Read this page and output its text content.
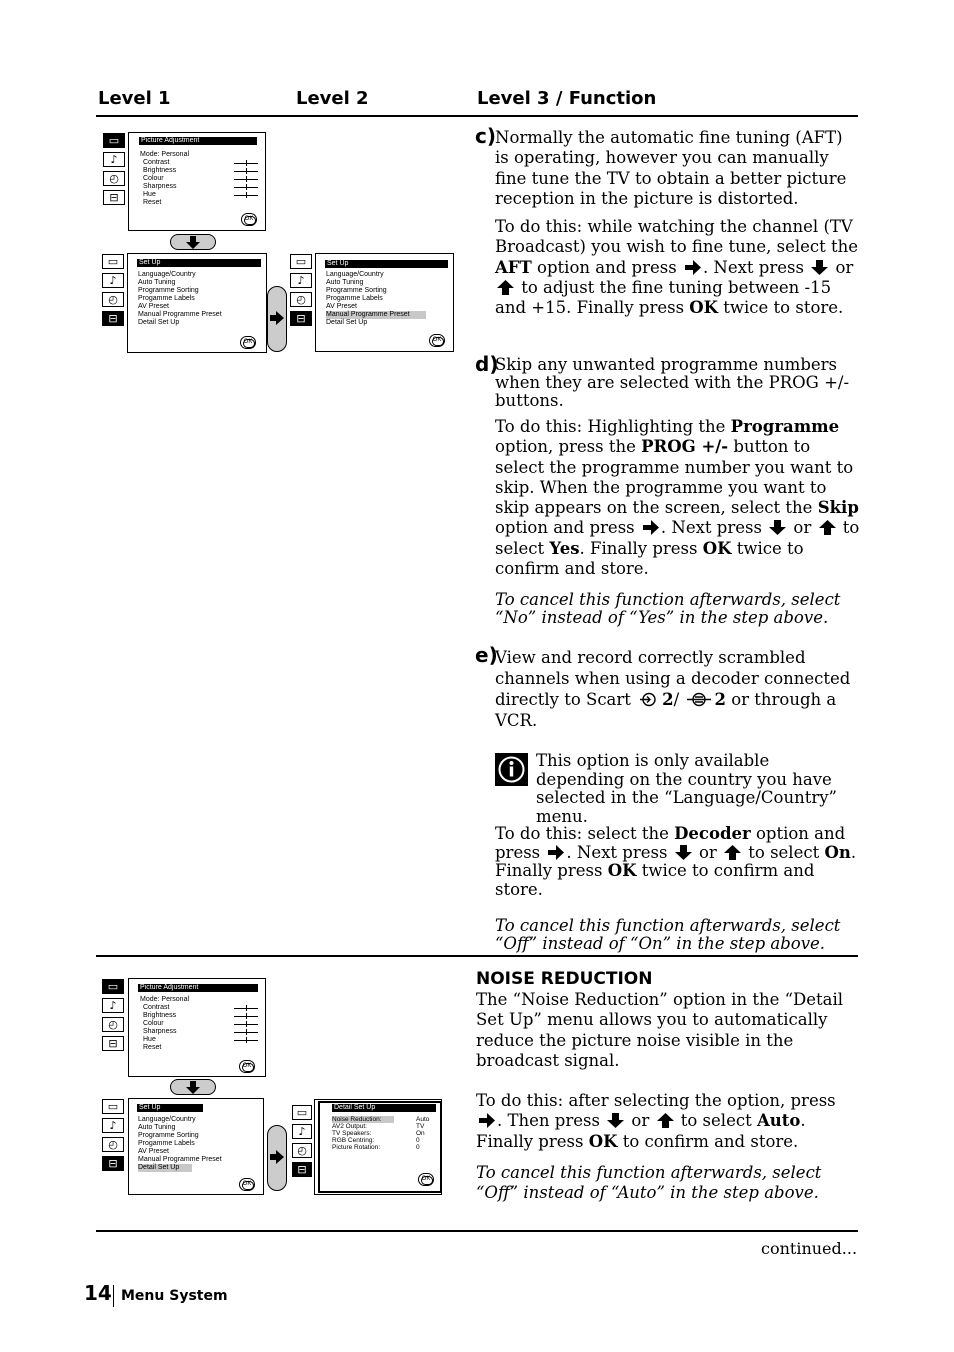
Level 1	Level 2	Level 3 / Function
▭
♪
◴
⊟
Picture Adjustment
Mode: Personal
Contrast
Brightness
Colour
Sharpness
Hue
Reset
OK
▭
♪
◴
⊟
Set Up
Language/Country
Auto Tuning
Programme Sorting
Progamme Labels
AV Preset
Manual Programme Preset
Detail Set Up
OK
▭
♪
◴
⊟
Set Up
Language/Country
Auto Tuning
Programme Sorting
Progamme Labels
AV Preset
Manual Programme Preset
Detail Set Up
OK
c) Normally the automatic fine tuning (AFT) is operating, however you can manually fine tune the TV to obtain a better picture reception in the picture is distorted.

To do this: while watching the channel (TV Broadcast) you wish to fine tune, select the AFT option and press . Next press or
to adjust the fine tuning between -15 and +15. Finally press OK twice to store.

d)

Skip any unwanted programme numbers when they are selected with the PROG +/- buttons.

To do this: Highlighting the Programme option, press the PROG +/- button to select the programme number you want to skip. When the programme you want to skip appears on the screen, select the Skip option and press . Next press or to select Yes. Finally press OK twice to confirm and store.

To cancel this function afterwards, select “No” instead of “Yes” in the step above.

e)

View and record correctly scrambled channels when using a decoder connected directly to Scart 2/ 2 or through a VCR.

This option is only available depending on the country you have selected in the “Language/Country” menu.

To do this: select the Decoder option and press . Next press or to select On. Finally press OK twice to confirm and store.

To cancel this function afterwards, select “Off” instead of “On” in the step above.

▭
♪
◴
⊟
Picture Adjustment
Mode: Personal
Contrast
Brightness
Colour
Sharpness
Hue
Reset
OK
▭
♪
◴
⊟
Set Up
Language/Country
Auto Tuning
Programme Sorting
Progamme Labels
AV Preset
Manual Programme Preset
Detail Set Up
OK
▭
♪
◴
⊟
Detail Set Up
Noise Reduction:
AV2 Output:
TV Speakers:
RGB Centring:
Picture Rotation:
Auto
TV
On
0
0
OK
NOISE REDUCTION

The “Noise Reduction” option in the “Detail Set Up” menu allows you to automatically reduce the picture noise visible in the broadcast signal.

To do this: after selecting the option, press
. Then press or to select Auto. Finally press OK to confirm and store.

To cancel this function afterwards, select “Off” instead of “Auto” in the step above.

continued...
14 Menu System
